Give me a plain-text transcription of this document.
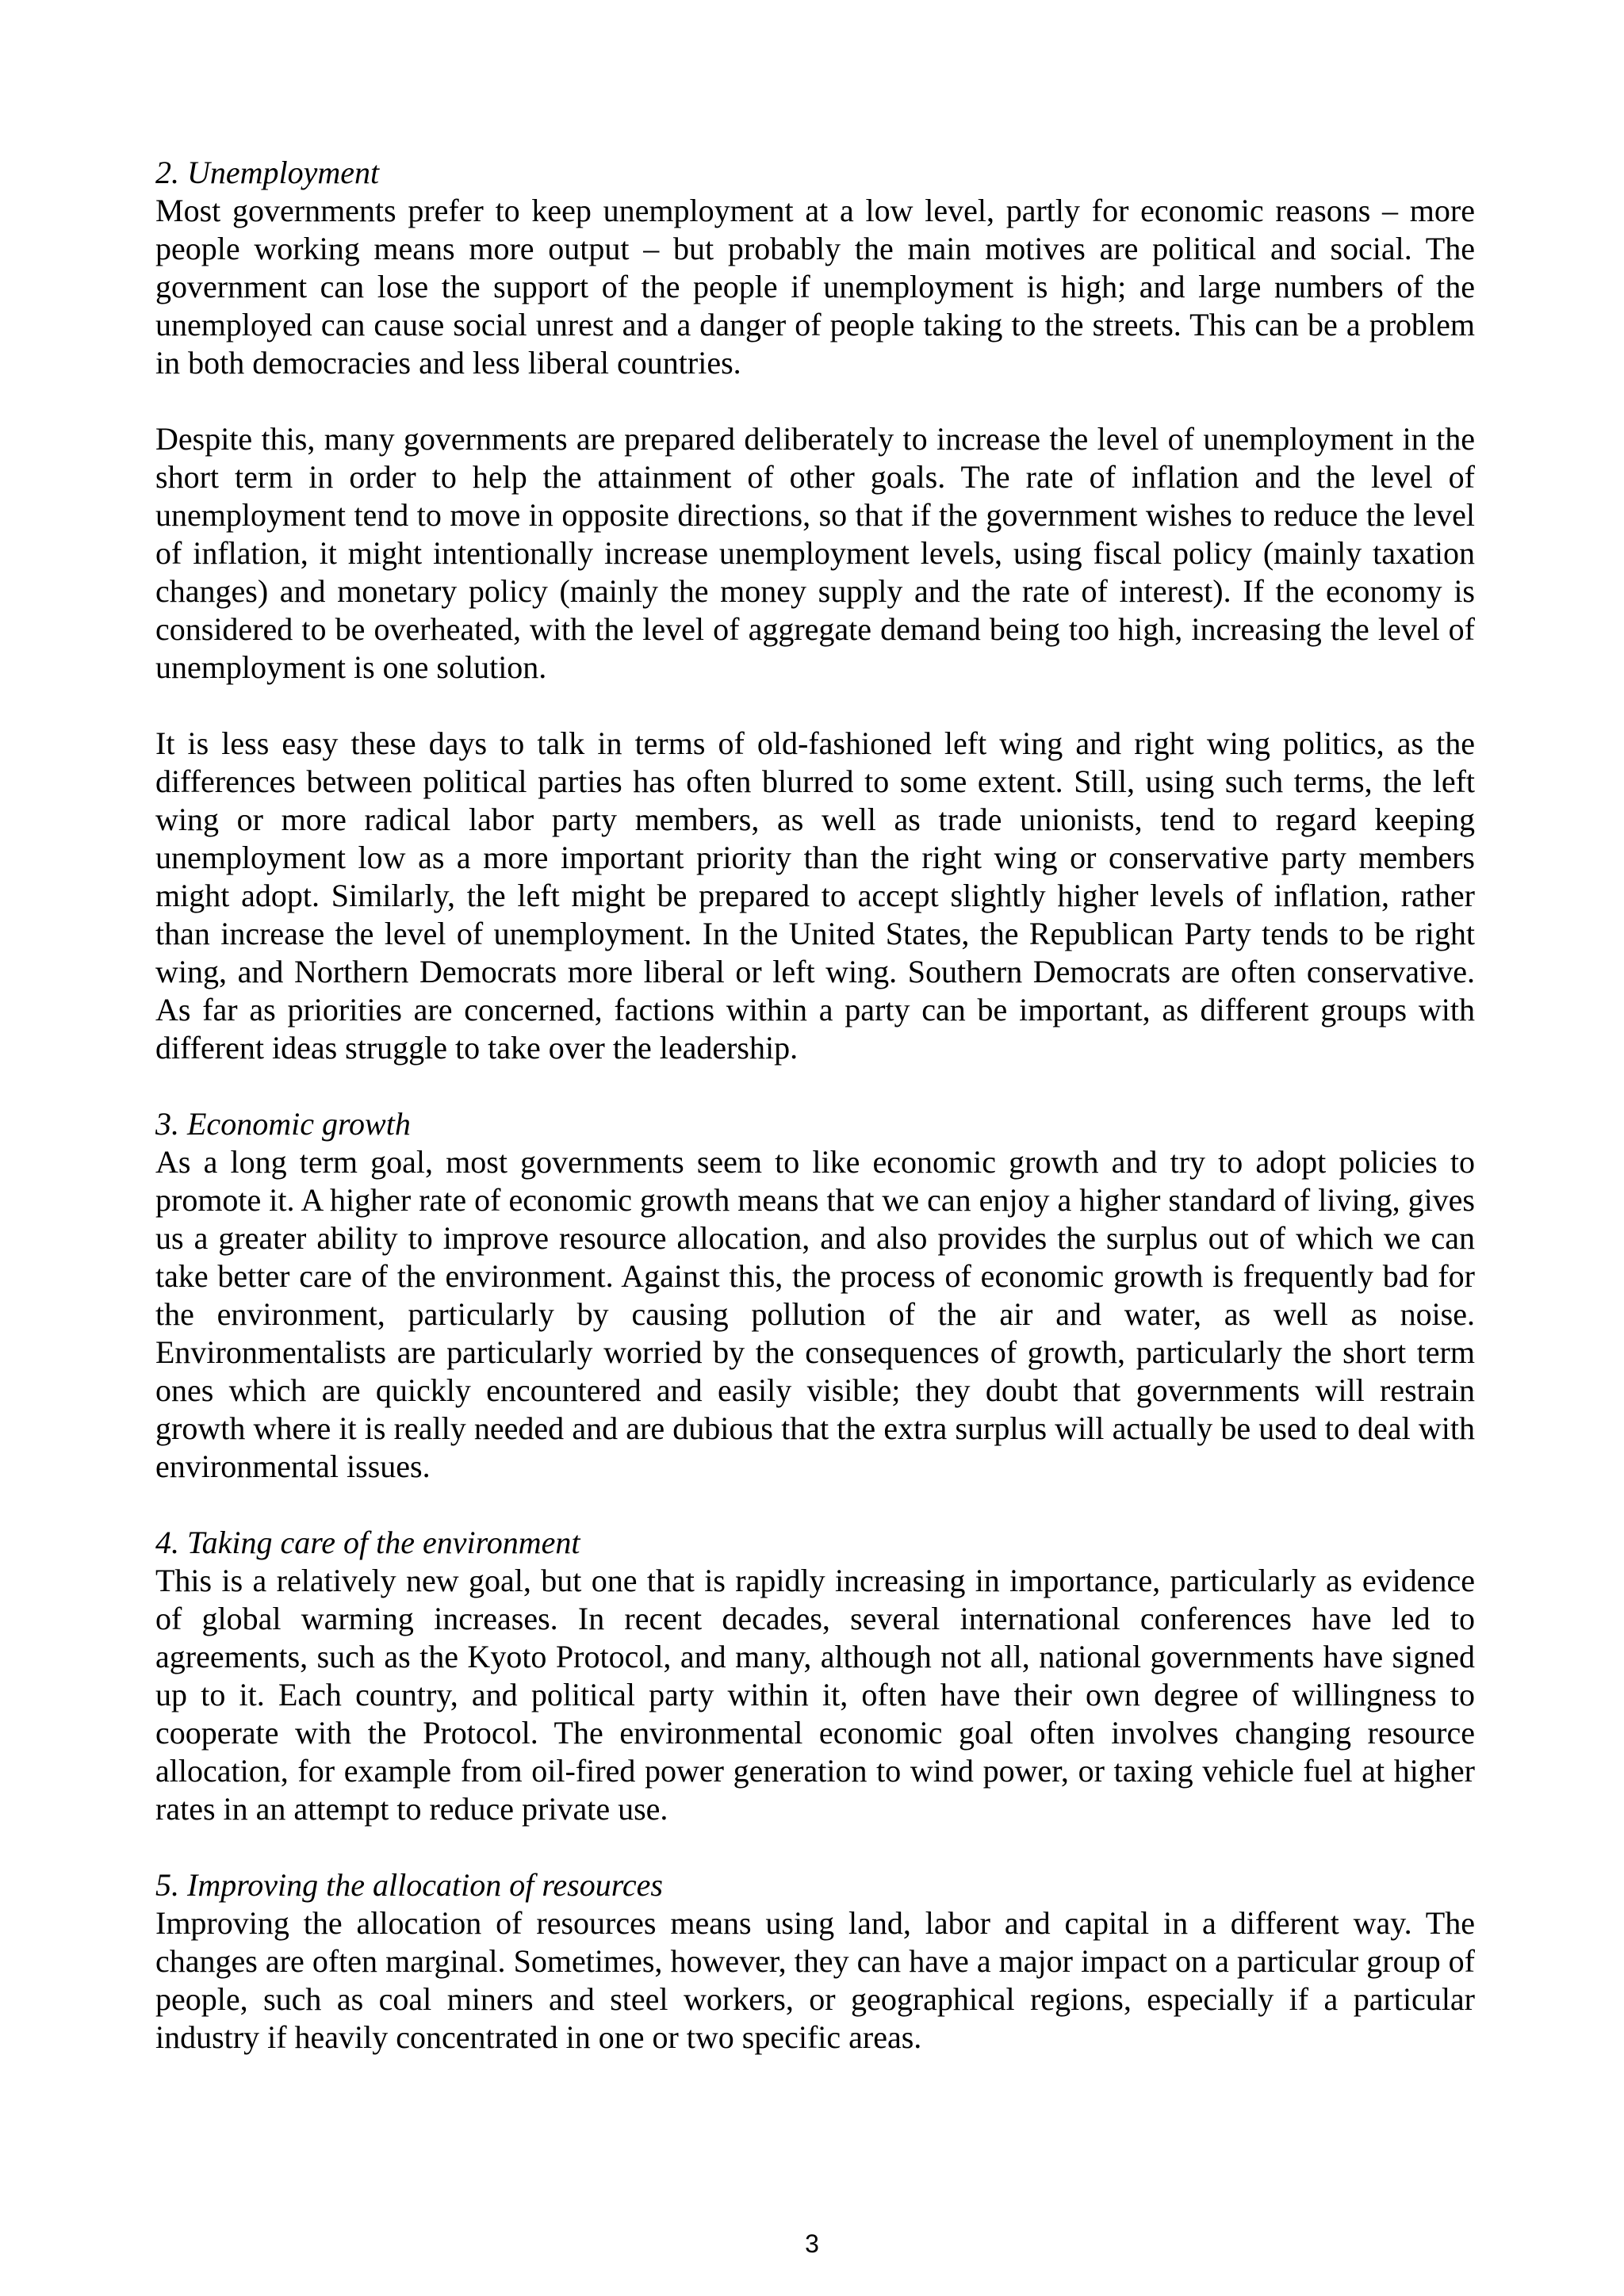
2. Unemployment

Most governments prefer to keep unemployment at a low level, partly for economic reasons – more people working means more output – but probably the main motives are political and social. The government can lose the support of the people if unemployment is high; and large numbers of the unemployed can cause social unrest and a danger of people taking to the streets. This can be a problem in both democracies and less liberal countries.

Despite this, many governments are prepared deliberately to increase the level of unemployment in the short term in order to help the attainment of other goals. The rate of inflation and the level of unemployment tend to move in opposite directions, so that if the government wishes to reduce the level of inflation, it might intentionally increase unemployment levels, using fiscal policy (mainly taxation changes) and monetary policy (mainly the money supply and the rate of interest). If the economy is considered to be overheated, with the level of aggregate demand being too high, increasing the level of unemployment is one solution.

It is less easy these days to talk in terms of old-fashioned left wing and right wing politics, as the differences between political parties has often blurred to some extent. Still, using such terms, the left wing or more radical labor party members, as well as trade unionists, tend to regard keeping unemployment low as a more important priority than the right wing or conservative party members might adopt. Similarly, the left might be prepared to accept slightly higher levels of inflation, rather than increase the level of unemployment. In the United States, the Republican Party tends to be right wing, and Northern Democrats more liberal or left wing. Southern Democrats are often conservative. As far as priorities are concerned, factions within a party can be important, as different groups with different ideas struggle to take over the leadership.

3. Economic growth

As a long term goal, most governments seem to like economic growth and try to adopt policies to promote it. A higher rate of economic growth means that we can enjoy a higher standard of living, gives us a greater ability to improve resource allocation, and also provides the surplus out of which we can take better care of the environment. Against this, the process of economic growth is frequently bad for the environment, particularly by causing pollution of the air and water, as well as noise. Environmentalists are particularly worried by the consequences of growth, particularly the short term ones which are quickly encountered and easily visible; they doubt that governments will restrain growth where it is really needed and are dubious that the extra surplus will actually be used to deal with environmental issues.

4. Taking care of the environment

This is a relatively new goal, but one that is rapidly increasing in importance, particularly as evidence of global warming increases. In recent decades, several international conferences have led to agreements, such as the Kyoto Protocol, and many, although not all, national governments have signed up to it. Each country, and political party within it, often have their own degree of willingness to cooperate with the Protocol. The environmental economic goal often involves changing resource allocation, for example from oil-fired power generation to wind power, or taxing vehicle fuel at higher rates in an attempt to reduce private use.

5. Improving the allocation of resources

Improving the allocation of resources means using land, labor and capital in a different way. The changes are often marginal. Sometimes, however, they can have a major impact on a particular group of people, such as coal miners and steel workers, or geographical regions, especially if a particular industry if heavily concentrated in one or two specific areas.

3
